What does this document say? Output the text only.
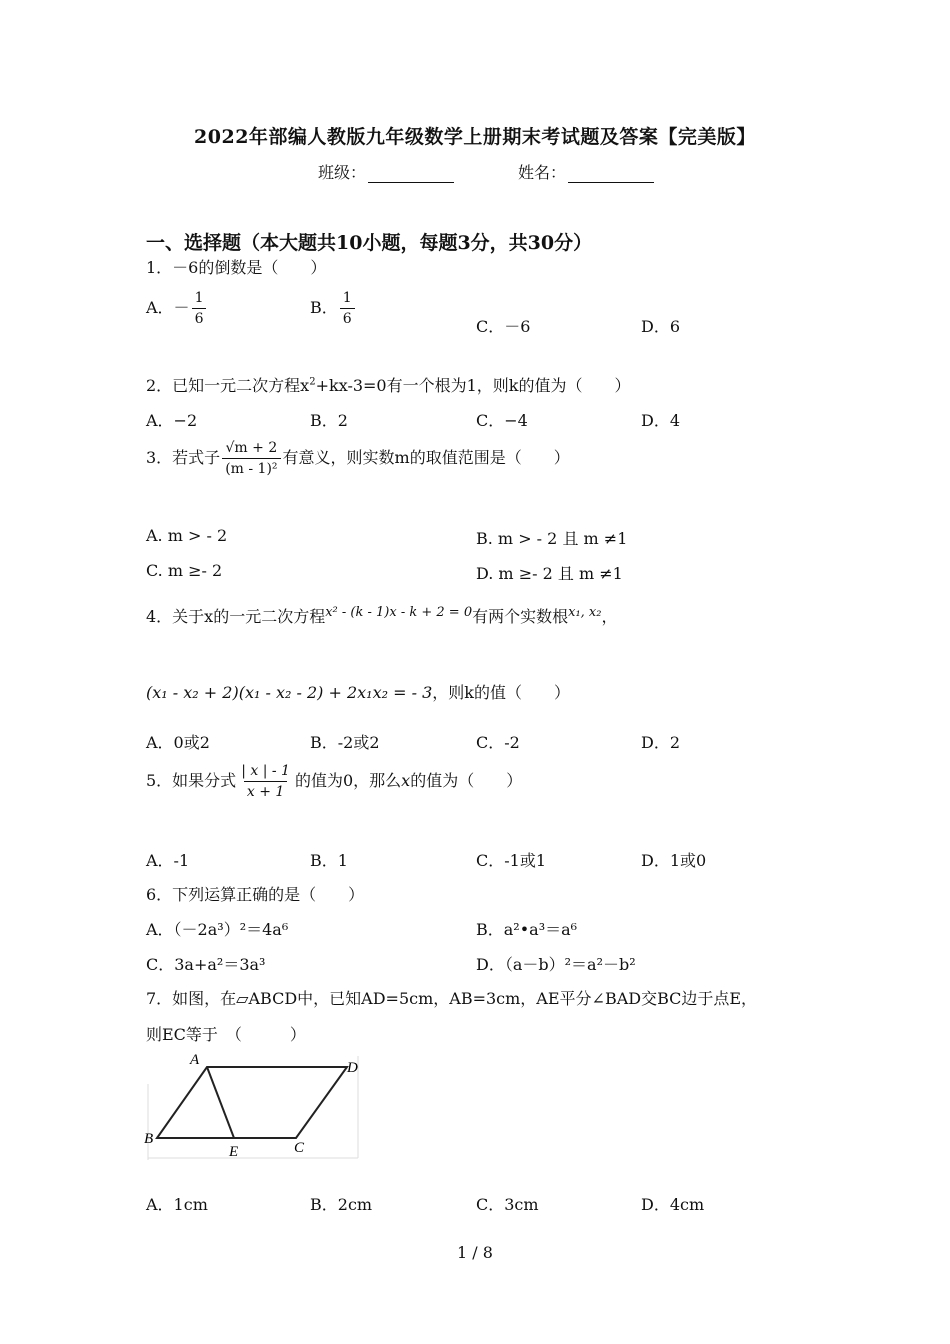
2022年部编人教版九年级数学上册期末考试题及答案【完美版】
班级：	姓名：
一、选择题（本大题共10小题，每题3分，共30分）
1．－6的倒数是（　　）
A．－ $\frac{1}{6}$	B． $\frac{1}{6}$	C．－6	D．6
2．已知一元二次方程$x^2+kx-3=0$有一个根为1，则k的值为（　　）
A．−2	B．2	C．−4	D．4
3．若式子 $\frac{√m + 2}{\text{(m - 1)²}}$ 有意义，则实数m的取值范围是（　　）
A. m > - 2	B. m > - 2 且 m ≠1
C. m ≥- 2	D. m ≥- 2 且 m ≠1
4．关于x的一元二次方程$^{x^2 - (k - 1)x - k + 2 = 0}$有两个实数根$^{x_1, x_2}$，
(x₁ - x₂ + 2)(x₁ - x₂ - 2) + 2x₁x₂ = - 3，则k的值（　　）
A．0或2	B．-2或2	C．-2	D．2
5．如果分式 $\frac{| x | - 1}{x + 1}$ 的值为0，那么x的值为（　　）
A．-1	B．1	C．-1或1	D．1或0
6．下列运算正确的是（　　）
A．（－2a³）²＝4a⁶	B．a²•a³＝a⁶
C．3a+a²＝3a³	D．（a－b）²＝a²－b²
7．如图，在▱ABCD中，已知AD=5cm，AB=3cm，AE平分∠BAD交BC边于点E，
则EC等于　（　　　）
A	D
B
E	C
A．1cm	B．2cm	C．3cm	D．4cm
1 / 8
